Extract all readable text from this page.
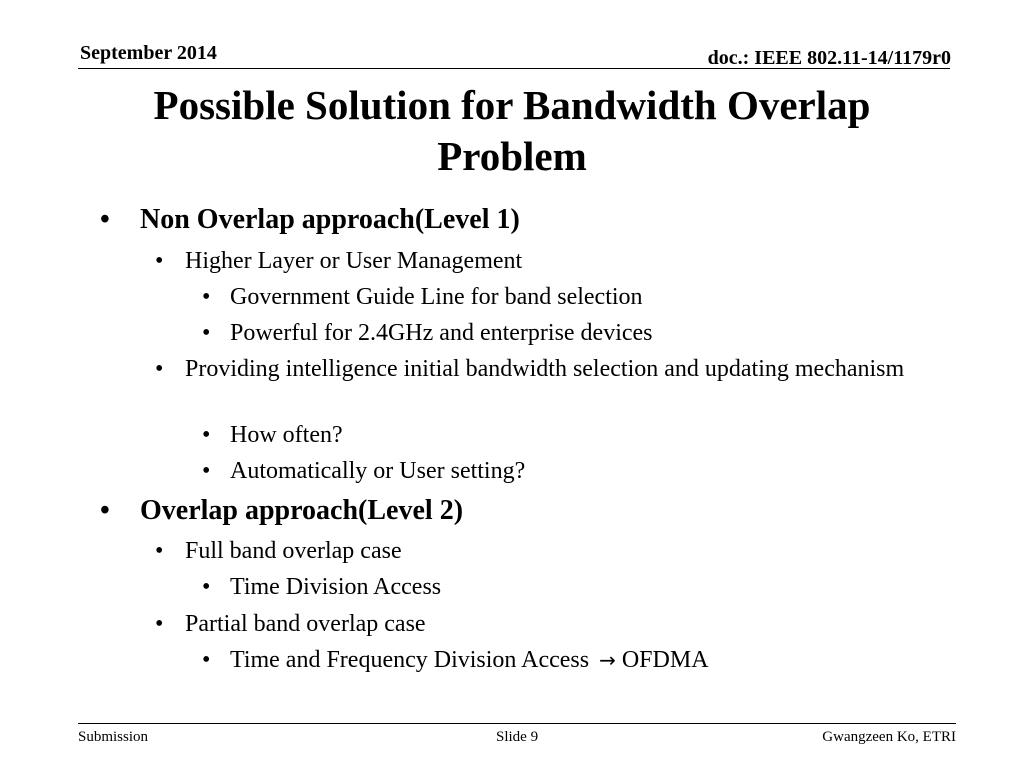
September 2014	doc.: IEEE 802.11-14/1179r0
Possible Solution for Bandwidth Overlap
Problem
• Non Overlap approach(Level 1)
• Higher Layer or User Management
• Government Guide Line for band selection
• Powerful for 2.4GHz and enterprise devices
• Providing intelligence initial bandwidth selection and updating mechanism
• How often?
• Automatically or User setting?
• Overlap approach(Level 2)
• Full band overlap case
• Time Division Access
• Partial band overlap case
• Time and Frequency Division Access → OFDMA
Submission	Slide 9	Gwangzeen Ko, ETRI
